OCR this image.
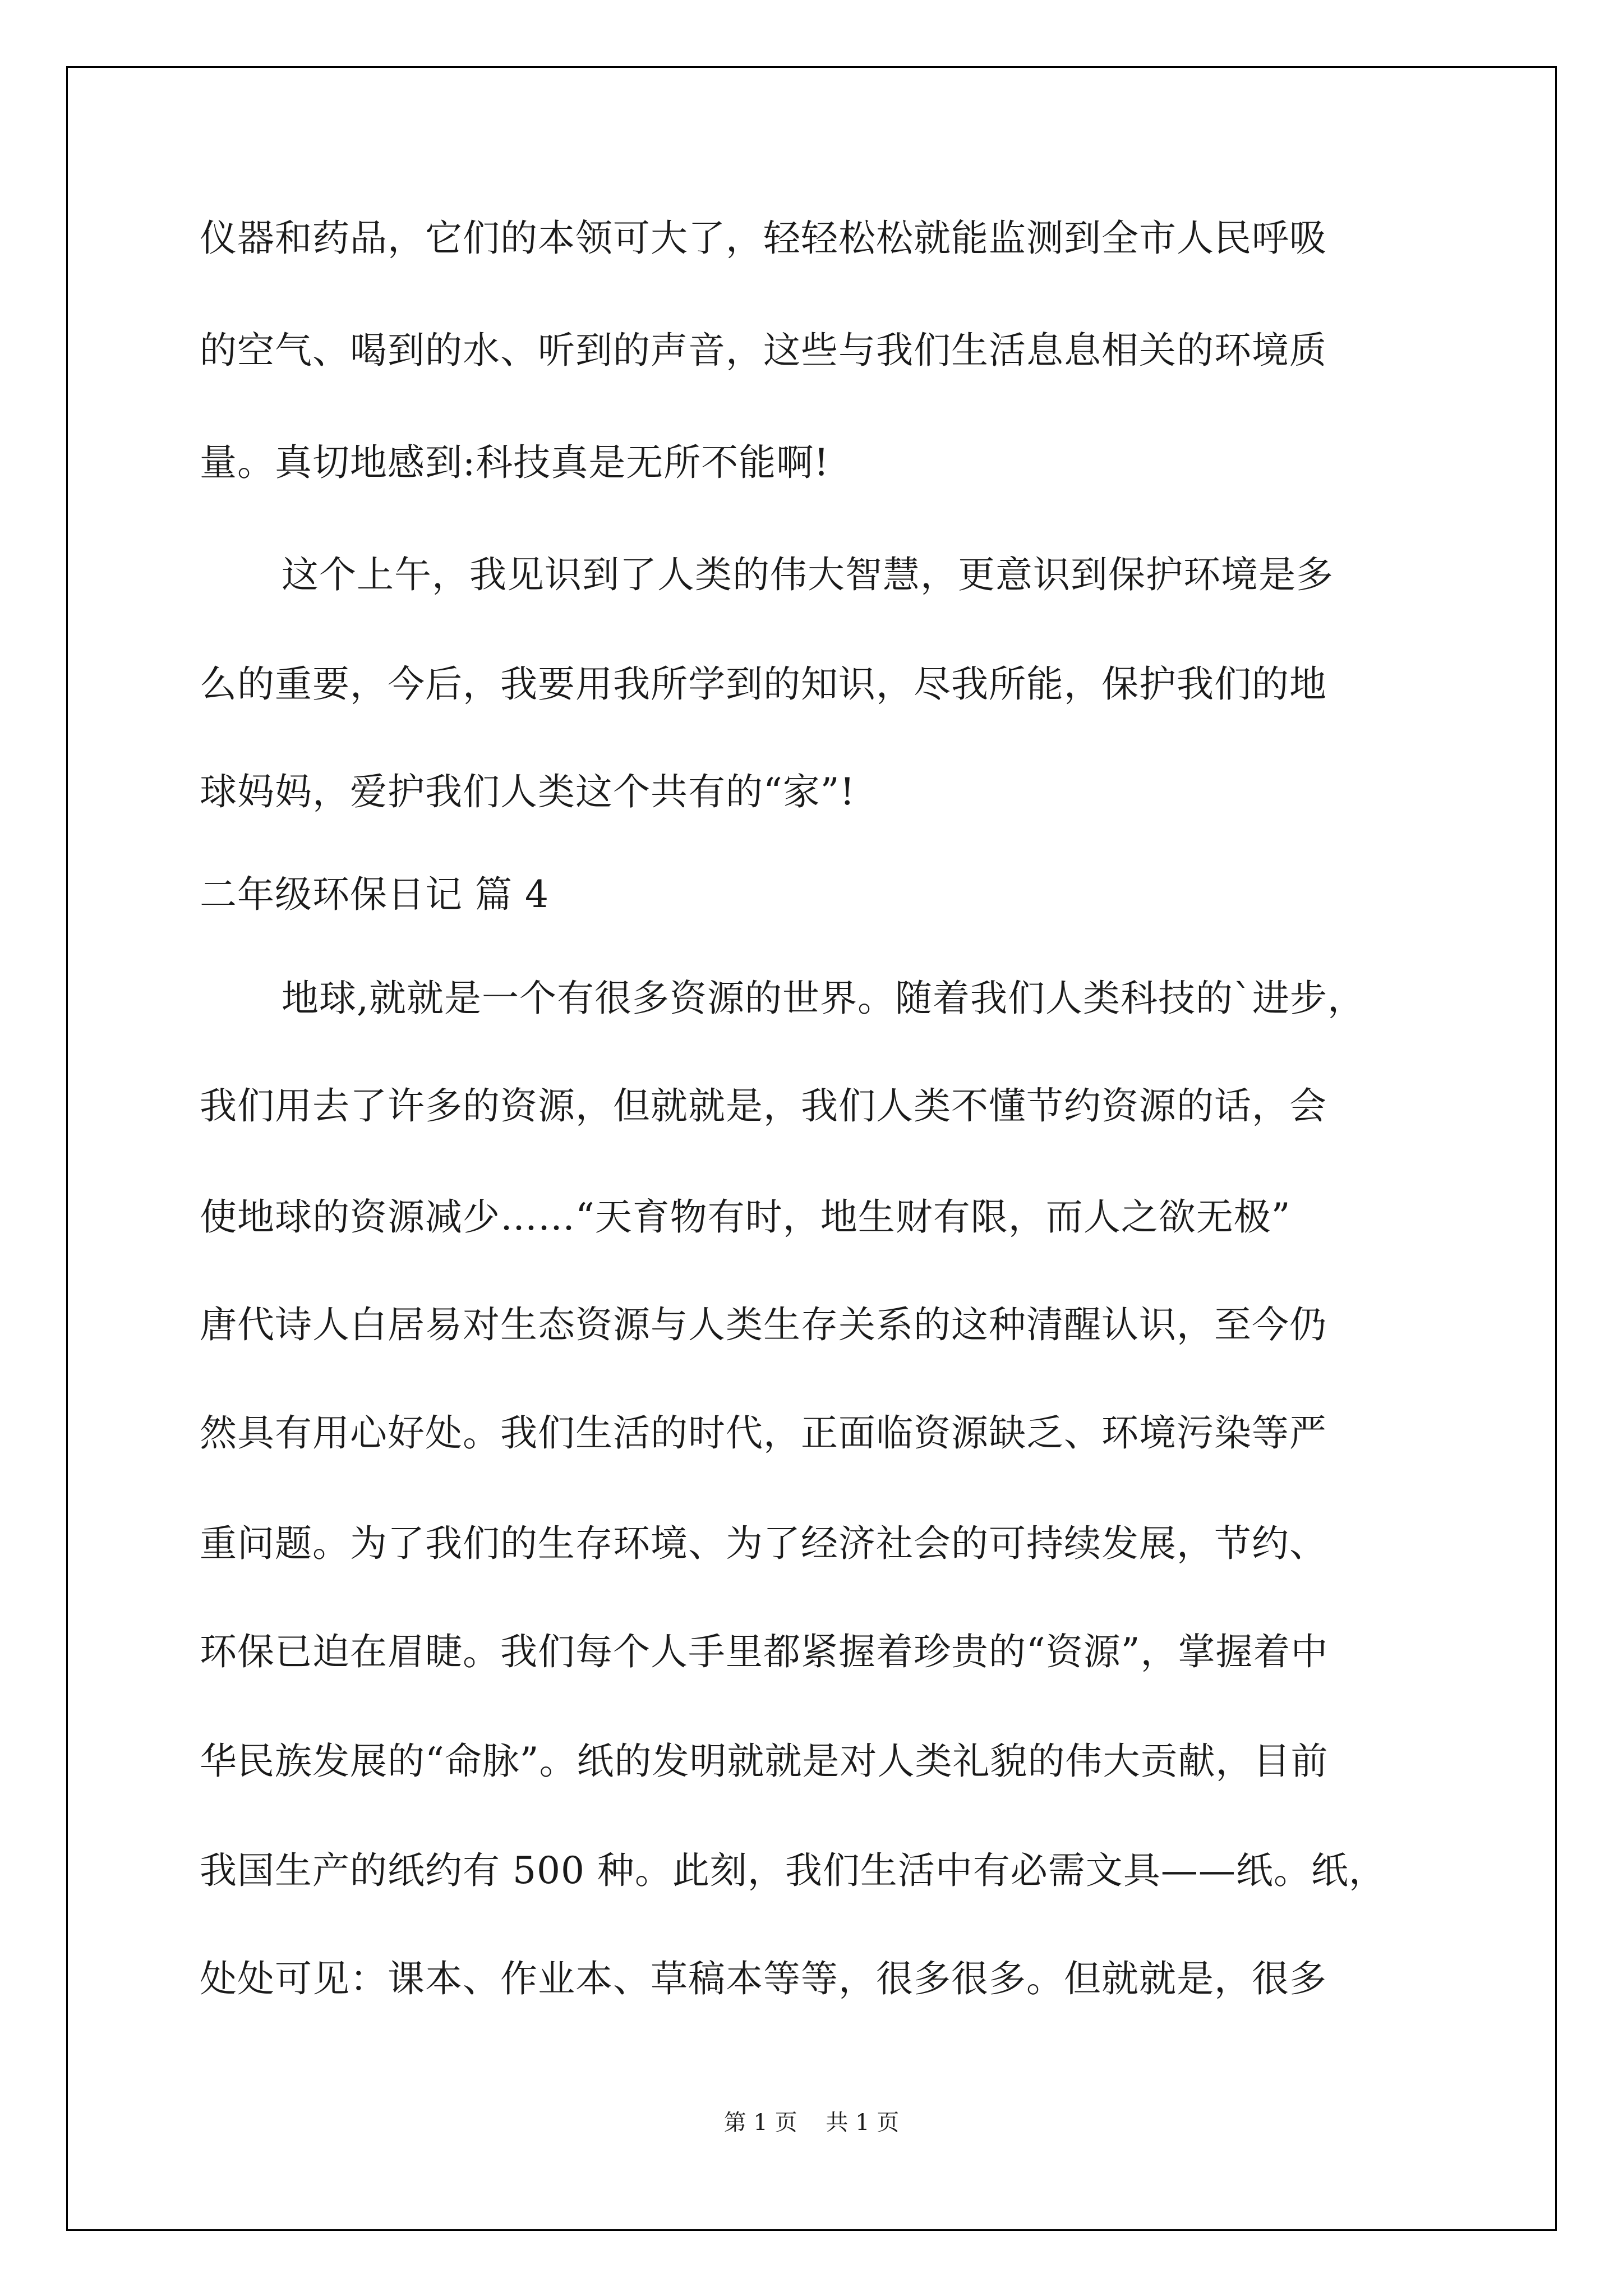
仪器和药品，它们的本领可大了，轻轻松松就能监测到全市人民呼吸
的空气、喝到的水、听到的声音，这些与我们生活息息相关的环境质
量。真切地感到:科技真是无所不能啊!
这个上午，我见识到了人类的伟大智慧，更意识到保护环境是多
么的重要，今后，我要用我所学到的知识，尽我所能，保护我们的地
球妈妈，爱护我们人类这个共有的“家”!
二年级环保日记 篇 4
地球,就就是一个有很多资源的世界。随着我们人类科技的`进步，
我们用去了许多的资源，但就就是，我们人类不懂节约资源的话，会
使地球的资源减少……“天育物有时，地生财有限，而人之欲无极”
唐代诗人白居易对生态资源与人类生存关系的这种清醒认识，至今仍
然具有用心好处。我们生活的时代，正面临资源缺乏、环境污染等严
重问题。为了我们的生存环境、为了经济社会的可持续发展，节约、
环保已迫在眉睫。我们每个人手里都紧握着珍贵的“资源”，掌握着中
华民族发展的“命脉”。纸的发明就就是对人类礼貌的伟大贡献，目前
我国生产的纸约有 500 种。此刻，我们生活中有必需文具——纸。纸，
处处可见：课本、作业本、草稿本等等，很多很多。但就就是，很多
第 1 页    共 1 页
